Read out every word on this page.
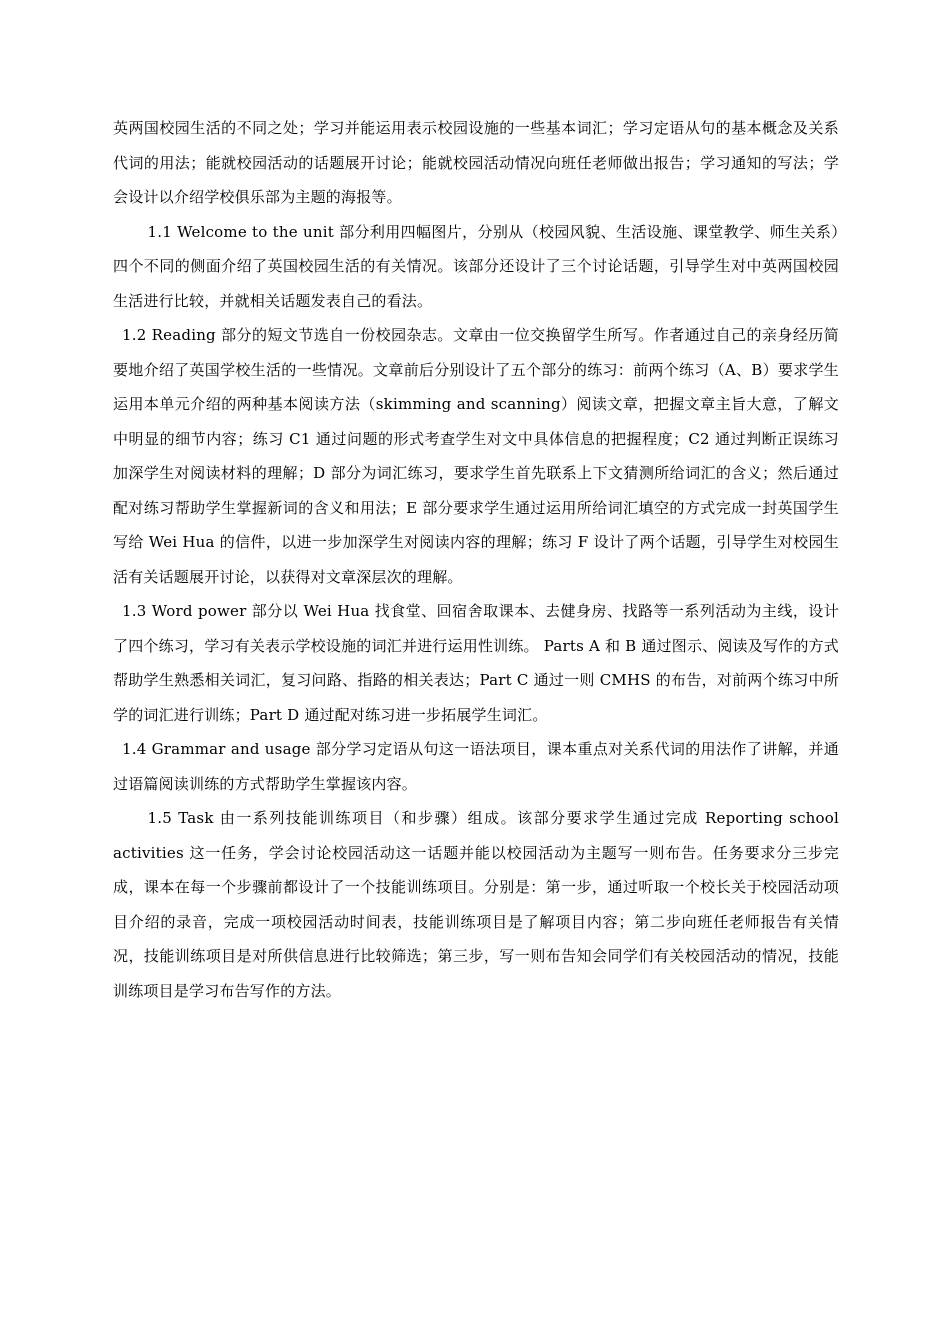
英两国校园生活的不同之处；学习并能运用表示校园设施的一些基本词汇；学习定语从句的基本概念及关系代词的用法；能就校园活动的话题展开讨论；能就校园活动情况向班任老师做出报告；学习通知的写法；学会设计以介绍学校俱乐部为主题的海报等。

1.1 Welcome to the unit 部分利用四幅图片，分别从（校园风貌、生活设施、课堂教学、师生关系）四个不同的侧面介绍了英国校园生活的有关情况。该部分还设计了三个讨论话题，引导学生对中英两国校园生活进行比较，并就相关话题发表自己的看法。

1.2 Reading 部分的短文节选自一份校园杂志。文章由一位交换留学生所写。作者通过自己的亲身经历简要地介绍了英国学校生活的一些情况。文章前后分别设计了五个部分的练习：前两个练习（A、B）要求学生运用本单元介绍的两种基本阅读方法（skimming and scanning）阅读文章，把握文章主旨大意，了解文中明显的细节内容；练习 C1 通过问题的形式考查学生对文中具体信息的把握程度；C2 通过判断正误练习加深学生对阅读材料的理解；D 部分为词汇练习，要求学生首先联系上下文猜测所给词汇的含义；然后通过配对练习帮助学生掌握新词的含义和用法；E 部分要求学生通过运用所给词汇填空的方式完成一封英国学生写给 Wei Hua 的信件，以进一步加深学生对阅读内容的理解；练习 F 设计了两个话题，引导学生对校园生活有关话题展开讨论，以获得对文章深层次的理解。

1.3 Word power 部分以 Wei Hua 找食堂、回宿舍取课本、去健身房、找路等一系列活动为主线，设计了四个练习，学习有关表示学校设施的词汇并进行运用性训练。 Parts A 和 B 通过图示、阅读及写作的方式帮助学生熟悉相关词汇，复习问路、指路的相关表达；Part C 通过一则 CMHS 的布告，对前两个练习中所学的词汇进行训练；Part D 通过配对练习进一步拓展学生词汇。

1.4 Grammar and usage 部分学习定语从句这一语法项目，课本重点对关系代词的用法作了讲解，并通过语篇阅读训练的方式帮助学生掌握该内容。

1.5 Task 由一系列技能训练项目（和步骤）组成。该部分要求学生通过完成 Reporting school activities 这一任务，学会讨论校园活动这一话题并能以校园活动为主题写一则布告。任务要求分三步完成，课本在每一个步骤前都设计了一个技能训练项目。分别是：第一步，通过听取一个校长关于校园活动项目介绍的录音，完成一项校园活动时间表，技能训练项目是了解项目内容；第二步向班任老师报告有关情况，技能训练项目是对所供信息进行比较筛选；第三步，写一则布告知会同学们有关校园活动的情况，技能训练项目是学习布告写作的方法。
